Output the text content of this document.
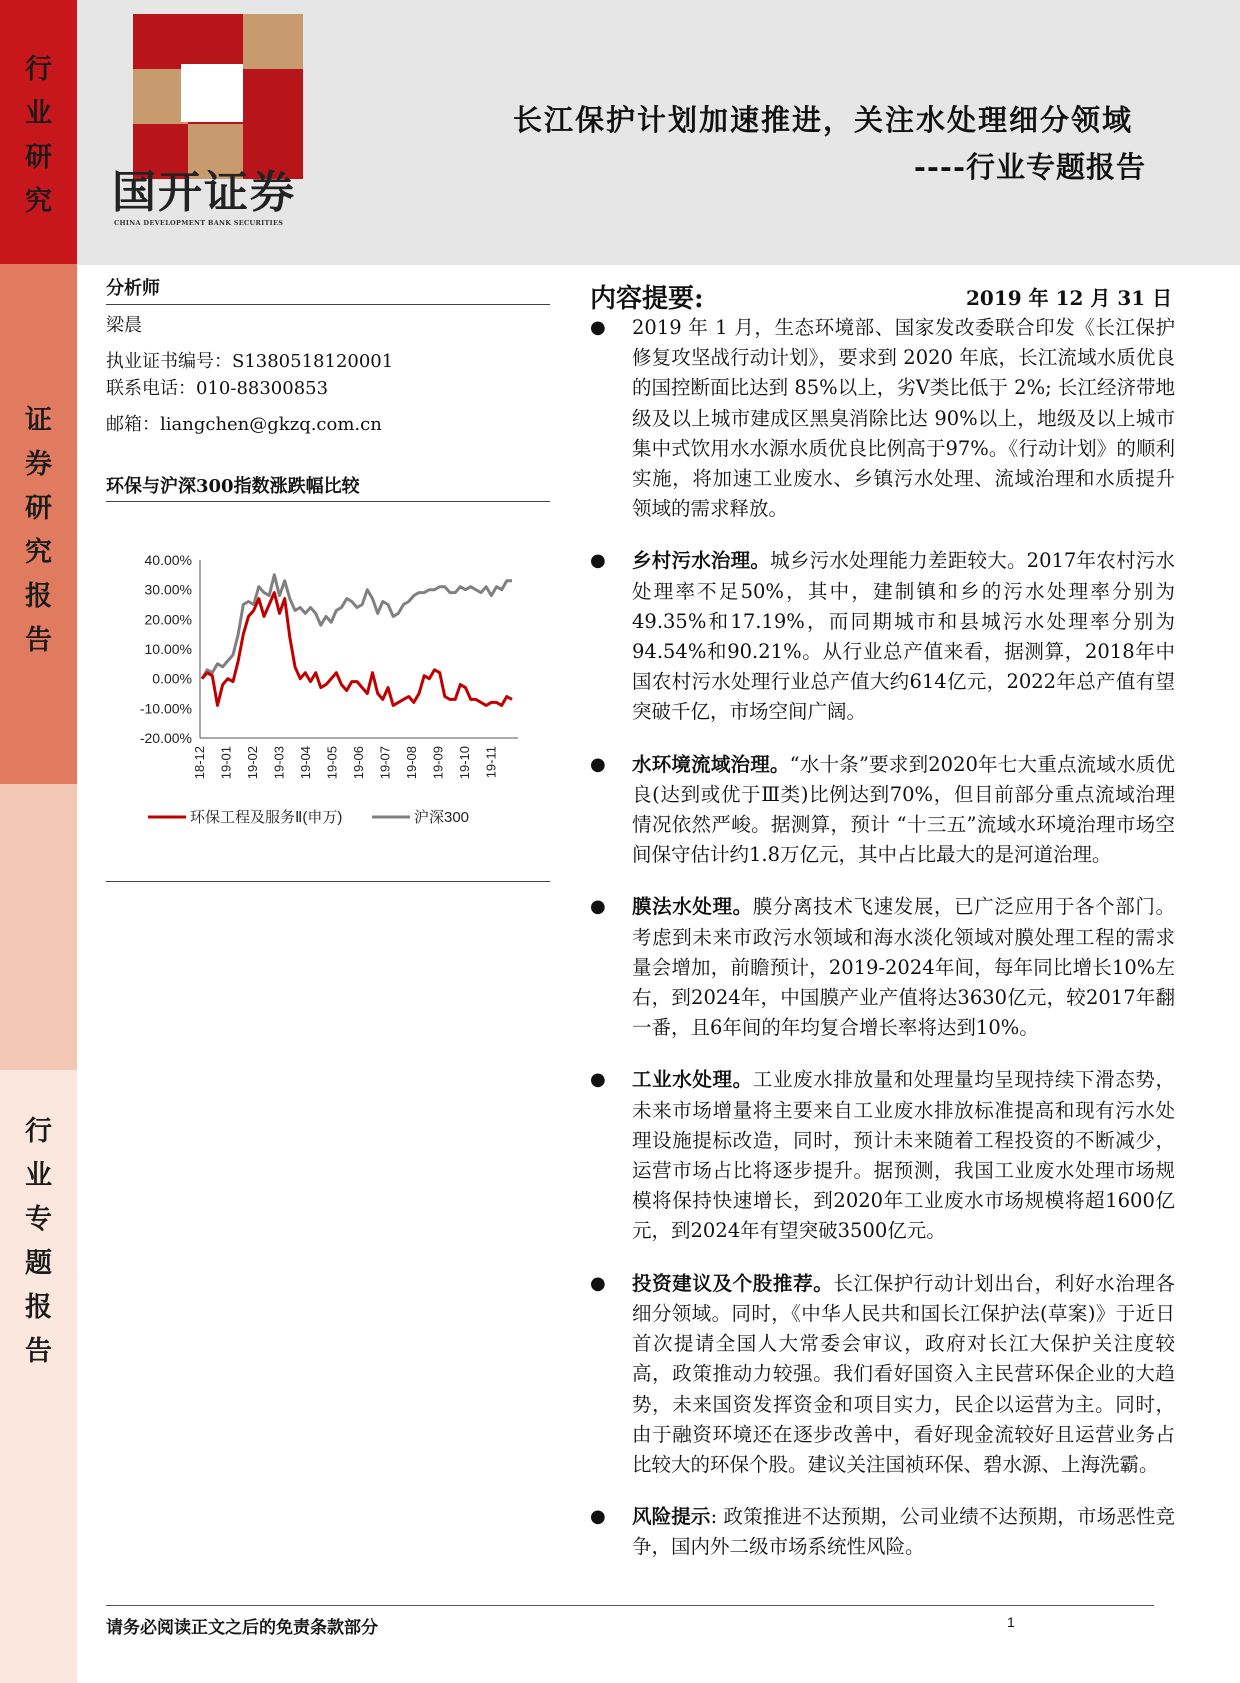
行业研究
证券研究报告
行业专题报告
国开证券
CHINA DEVELOPMENT BANK SECURITIES
长江保护计划加速推进，关注水处理细分领域
----行业专题报告
分析师
梁晨
执业证书编号：S1380518120001
联系电话：010-88300853
邮箱：liangchen@gkzq.com.cn
环保与沪深300指数涨跌幅比较
40.00%
30.00%
20.00%
10.00%
0.00%
-10.00%
-20.00%
18-12 19-01 19-02 19-03 19-04 19-05 19-06 19-07 19-08 19-09 19-10 19-11
环保工程及服务Ⅱ(申万)	沪深300
内容提要:	2019 年 12 月 31 日
● 2019 年 1 月，生态环境部、国家发改委联合印发《长江保护修复攻坚战行动计划》，要求到 2020 年底，长江流域水质优良的国控断面比达到 85%以上，劣Ⅴ类比低于 2%; 长江经济带地级及以上城市建成区黑臭消除比达 90%以上，地级及以上城市集中式饮用水水源水质优良比例高于97%。《行动计划》的顺利实施，将加速工业废水、乡镇污水处理、流域治理和水质提升领域的需求释放。
● 乡村污水治理。城乡污水处理能力差距较大。2017年农村污水处理率不足50%，其中，建制镇和乡的污水处理率分别为49.35%和17.19%，而同期城市和县城污水处理率分别为94.54%和90.21%。从行业总产值来看，据测算，2018年中国农村污水处理行业总产值大约614亿元，2022年总产值有望突破千亿，市场空间广阔。
● 水环境流域治理。“水十条”要求到2020年七大重点流域水质优良(达到或优于Ⅲ类)比例达到70%，但目前部分重点流域治理情况依然严峻。据测算，预计 “十三五”流域水环境治理市场空间保守估计约1.8万亿元，其中占比最大的是河道治理。
● 膜法水处理。膜分离技术飞速发展，已广泛应用于各个部门。考虑到未来市政污水领域和海水淡化领域对膜处理工程的需求量会增加，前瞻预计，2019-2024年间，每年同比增长10%左右，到2024年，中国膜产业产值将达3630亿元，较2017年翻一番，且6年间的年均复合增长率将达到10%。
● 工业水处理。工业废水排放量和处理量均呈现持续下滑态势，未来市场增量将主要来自工业废水排放标准提高和现有污水处理设施提标改造，同时，预计未来随着工程投资的不断减少，运营市场占比将逐步提升。据预测，我国工业废水处理市场规模将保持快速增长，到2020年工业废水市场规模将超1600亿元，到2024年有望突破3500亿元。
● 投资建议及个股推荐。长江保护行动计划出台，利好水治理各细分领域。同时，《中华人民共和国长江保护法(草案)》于近日首次提请全国人大常委会审议，政府对长江大保护关注度较高，政策推动力较强。我们看好国资入主民营环保企业的大趋势，未来国资发挥资金和项目实力，民企以运营为主。同时，由于融资环境还在逐步改善中，看好现金流较好且运营业务占比较大的环保个股。建议关注国祯环保、碧水源、上海洗霸。
● 风险提示: 政策推进不达预期，公司业绩不达预期，市场恶性竞争，国内外二级市场系统性风险。
请务必阅读正文之后的免责条款部分	1
